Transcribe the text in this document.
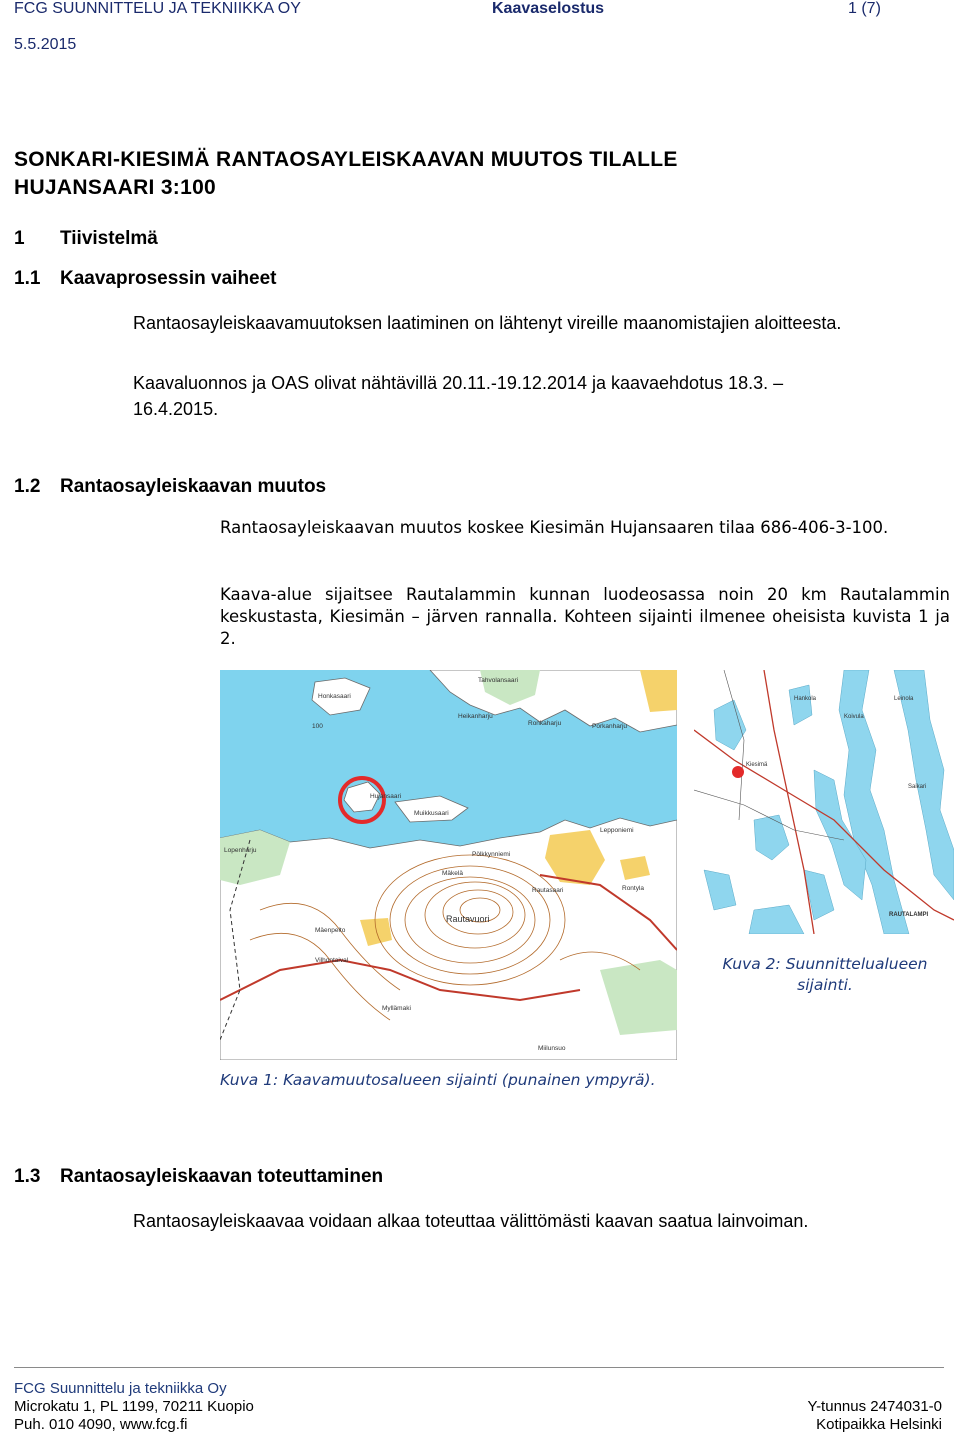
FCG SUUNNITTELU JA TEKNIIKKA OY	Kaavaselostus	1 (7)
5.5.2015
SONKARI-KIESIMÄ RANTAOSAYLEISKAAVAN MUUTOS TILALLE
HUJANSAARI 3:100
1 Tiivistelmä
1.1 Kaavaprosessin vaiheet
Rantaosayleiskaavamuutoksen laatiminen on lähtenyt vireille maanomistajien aloitteesta.
Kaavaluonnos ja OAS olivat nähtävillä 20.11.-19.12.2014 ja kaavaehdotus 18.3. – 16.4.2015.
1.2 Rantaosayleiskaavan muutos
Rantaosayleiskaavan muutos koskee Kiesimän Hujansaaren tilaa 686-406-3-100.
Kaava-alue sijaitsee Rautalammin kunnan luodeosassa noin 20 km Rautalammin keskustasta, Kiesimän – järven rannalla. Kohteen sijainti ilmenee oheisista kuvista 1 ja 2.
Tahvolansaari
Honkasaari
100
Heikanharju
Ronkaharju	Porkanharju
Hujansaari
Muikkusaari
Lopenharju
Lepponiemi
Pölkkynniemi
Mäkelä
Rautasaari	Rontyla
Rautavuori
Mäenpelto
Vilhontaival
Myllämaki
Miilunsuo
RAUTALAMPI
Kiesimä
Koivula
Hankola	Leinola
Saikari
Kuva 2: Suunnittelualueen
sijainti.
Kuva 1: Kaavamuutosalueen sijainti (punainen ympyrä).
1.3 Rantaosayleiskaavan toteuttaminen
Rantaosayleiskaavaa voidaan alkaa toteuttaa välittömästi kaavan saatua lainvoiman.
FCG Suunnittelu ja tekniikka Oy
Microkatu 1, PL 1199, 70211 Kuopio
Puh. 010 4090, www.fcg.fi
Y-tunnus 2474031-0
Kotipaikka Helsinki
